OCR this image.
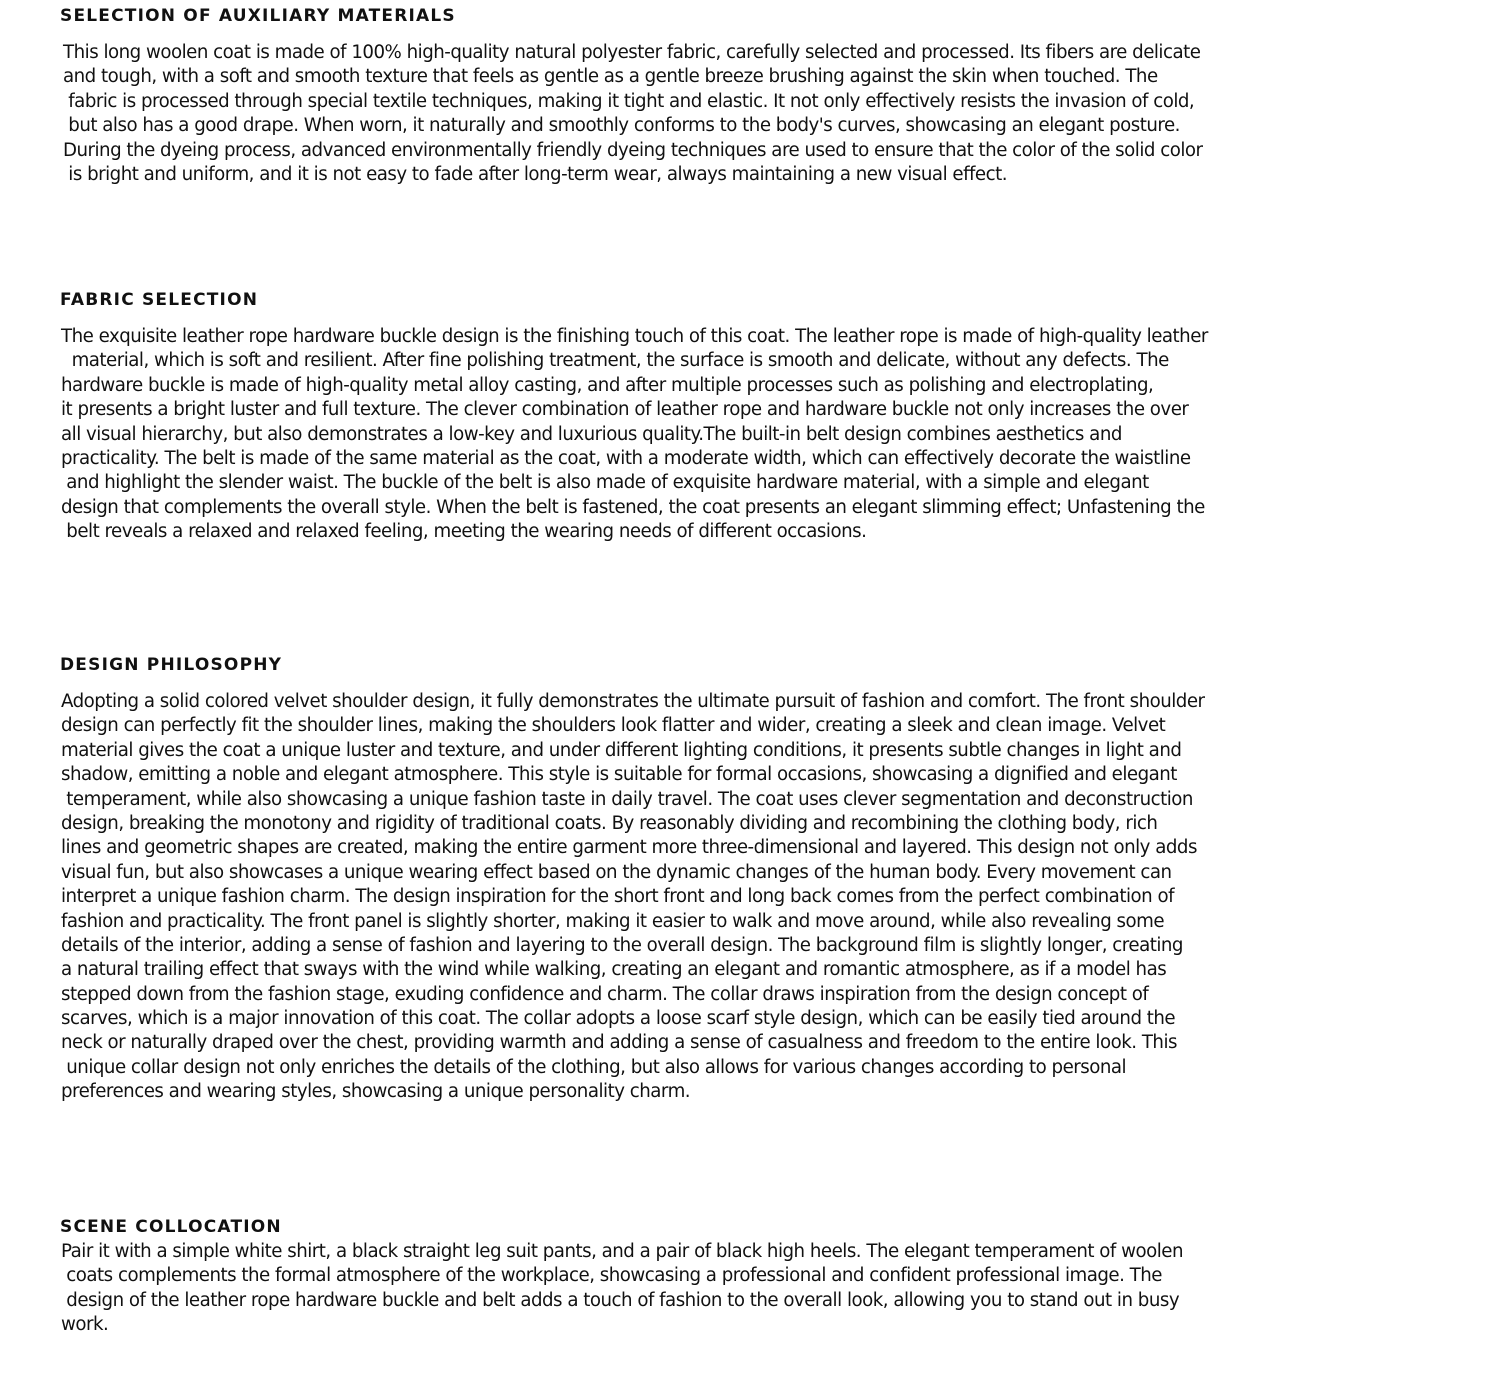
SELECTION OF AUXILIARY MATERIALS
This long woolen coat is made of 100% high-quality natural polyester fabric, carefully selected and processed. Its fibers are delicate
and tough, with a soft and smooth texture that feels as gentle as a gentle breeze brushing against the skin when touched. The
fabric is processed through special textile techniques, making it tight and elastic. It not only effectively resists the invasion of cold,
but also has a good drape. When worn, it naturally and smoothly conforms to the body's curves, showcasing an elegant posture.
During the dyeing process, advanced environmentally friendly dyeing techniques are used to ensure that the color of the solid color
is bright and uniform, and it is not easy to fade after long-term wear, always maintaining a new visual effect.
FABRIC SELECTION
The exquisite leather rope hardware buckle design is the finishing touch of this coat. The leather rope is made of high-quality leather
material, which is soft and resilient. After fine polishing treatment, the surface is smooth and delicate, without any defects. The
hardware buckle is made of high-quality metal alloy casting, and after multiple processes such as polishing and electroplating,
it presents a bright luster and full texture. The clever combination of leather rope and hardware buckle not only increases the over
all visual hierarchy, but also demonstrates a low-key and luxurious quality.The built-in belt design combines aesthetics and
practicality. The belt is made of the same material as the coat, with a moderate width, which can effectively decorate the waistline
and highlight the slender waist. The buckle of the belt is also made of exquisite hardware material, with a simple and elegant
design that complements the overall style. When the belt is fastened, the coat presents an elegant slimming effect; Unfastening the
belt reveals a relaxed and relaxed feeling, meeting the wearing needs of different occasions.
DESIGN PHILOSOPHY
Adopting a solid colored velvet shoulder design, it fully demonstrates the ultimate pursuit of fashion and comfort. The front shoulder
design can perfectly fit the shoulder lines, making the shoulders look flatter and wider, creating a sleek and clean image. Velvet
material gives the coat a unique luster and texture, and under different lighting conditions, it presents subtle changes in light and
shadow, emitting a noble and elegant atmosphere. This style is suitable for formal occasions, showcasing a dignified and elegant
temperament, while also showcasing a unique fashion taste in daily travel. The coat uses clever segmentation and deconstruction
design, breaking the monotony and rigidity of traditional coats. By reasonably dividing and recombining the clothing body, rich
lines and geometric shapes are created, making the entire garment more three-dimensional and layered. This design not only adds
visual fun, but also showcases a unique wearing effect based on the dynamic changes of the human body. Every movement can
interpret a unique fashion charm. The design inspiration for the short front and long back comes from the perfect combination of
fashion and practicality. The front panel is slightly shorter, making it easier to walk and move around, while also revealing some
details of the interior, adding a sense of fashion and layering to the overall design. The background film is slightly longer, creating
a natural trailing effect that sways with the wind while walking, creating an elegant and romantic atmosphere, as if a model has
stepped down from the fashion stage, exuding confidence and charm. The collar draws inspiration from the design concept of
scarves, which is a major innovation of this coat. The collar adopts a loose scarf style design, which can be easily tied around the
neck or naturally draped over the chest, providing warmth and adding a sense of casualness and freedom to the entire look. This
unique collar design not only enriches the details of the clothing, but also allows for various changes according to personal
preferences and wearing styles, showcasing a unique personality charm.
SCENE COLLOCATION
Pair it with a simple white shirt, a black straight leg suit pants, and a pair of black high heels. The elegant temperament of woolen
coats complements the formal atmosphere of the workplace, showcasing a professional and confident professional image. The
design of the leather rope hardware buckle and belt adds a touch of fashion to the overall look, allowing you to stand out in busy
work.
